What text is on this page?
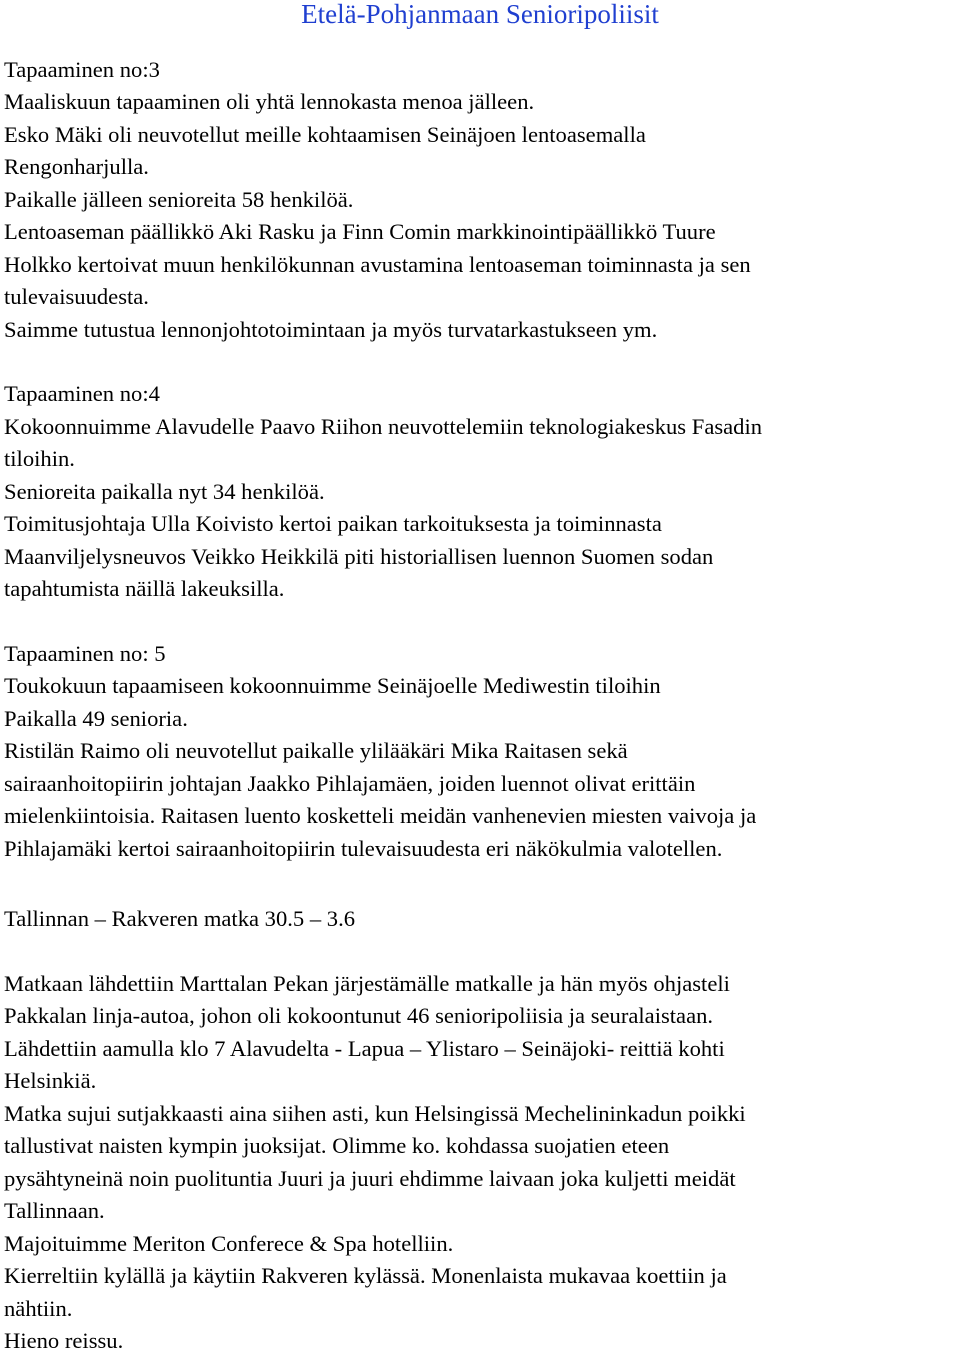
Etelä-Pohjanmaan Senioripoliisit
Tapaaminen no:3
Maaliskuun tapaaminen oli yhtä lennokasta menoa jälleen.
Esko Mäki oli neuvotellut meille kohtaamisen Seinäjoen lentoasemalla
Rengonharjulla.
Paikalle jälleen senioreita 58 henkilöä.
Lentoaseman päällikkö Aki Rasku ja Finn Comin markkinointipäällikkö Tuure
Holkko kertoivat muun henkilökunnan avustamina lentoaseman toiminnasta ja sen
tulevaisuudesta.
Saimme tutustua lennonjohtotoimintaan ja myös turvatarkastukseen ym.
Tapaaminen no:4
Kokoonnuimme Alavudelle Paavo Riihon neuvottelemiin teknologiakeskus Fasadin
tiloihin.
Senioreita paikalla nyt 34 henkilöä.
Toimitusjohtaja Ulla Koivisto kertoi paikan tarkoituksesta ja toiminnasta
Maanviljelysneuvos Veikko Heikkilä piti historiallisen luennon Suomen sodan
tapahtumista näillä lakeuksilla.
Tapaaminen no: 5
Toukokuun tapaamiseen kokoonnuimme Seinäjoelle Mediwestin tiloihin
Paikalla 49 senioria.
Ristilän Raimo oli neuvotellut paikalle ylilääkäri Mika Raitasen sekä
sairaanhoitopiirin johtajan Jaakko Pihlajamäen, joiden luennot olivat erittäin
mielenkiintoisia. Raitasen luento kosketteli meidän vanhenevien miesten vaivoja ja
Pihlajamäki kertoi sairaanhoitopiirin tulevaisuudesta eri näkökulmia valotellen.
Tallinnan – Rakveren matka 30.5 – 3.6
Matkaan lähdettiin Marttalan Pekan järjestämälle matkalle ja hän myös ohjasteli
Pakkalan linja-autoa, johon oli kokoontunut 46 senioripoliisia ja seuralaistaan.
Lähdettiin aamulla klo 7 Alavudelta - Lapua – Ylistaro – Seinäjoki- reittiä kohti
Helsinkiä.
Matka sujui sutjakkaasti aina siihen asti, kun Helsingissä Mechelininkadun poikki
tallustivat naisten kympin juoksijat. Olimme ko. kohdassa suojatien eteen
pysähtyneinä noin puolituntia Juuri ja juuri ehdimme laivaan joka kuljetti meidät
Tallinnaan.
Majoituimme Meriton Conferece & Spa hotelliin.
Kierreltiin kylällä ja käytiin Rakveren kylässä. Monenlaista mukavaa koettiin ja
nähtiin.
Hieno reissu.
